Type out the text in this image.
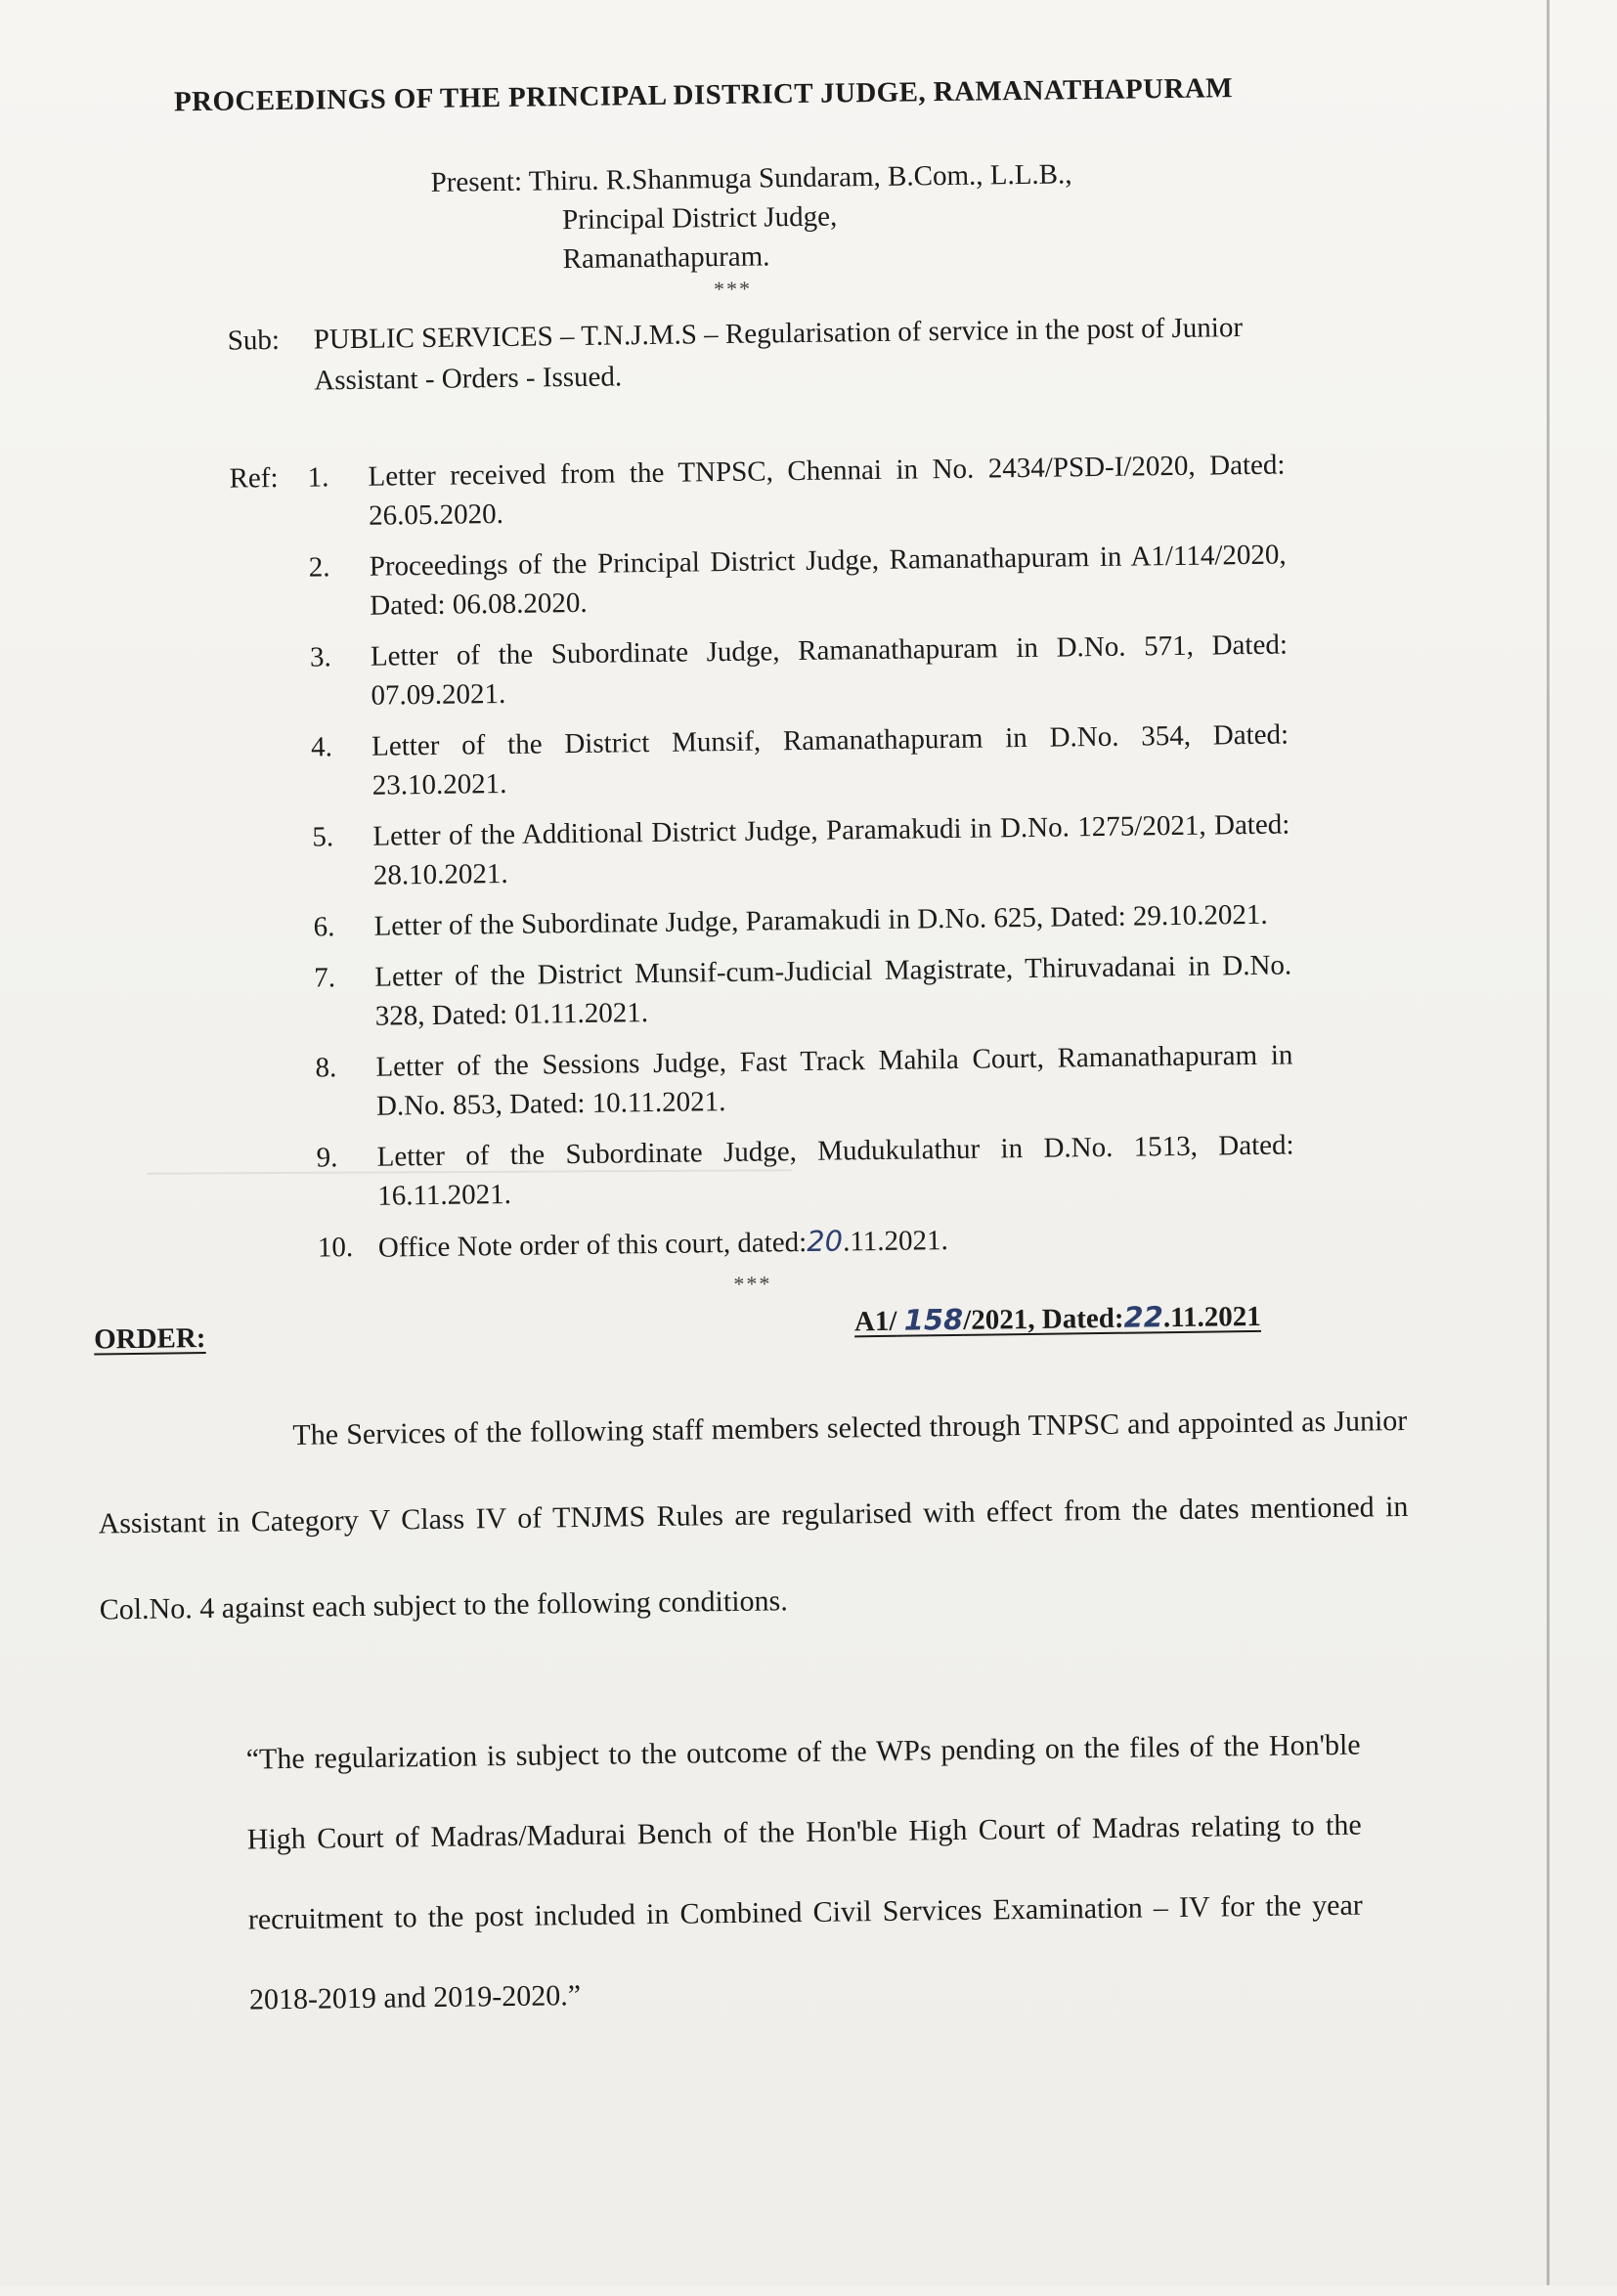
PROCEEDINGS OF THE PRINCIPAL DISTRICT JUDGE, RAMANATHAPURAM
Present: Thiru. R.Shanmuga Sundaram, B.Com., L.L.B.,
Principal District Judge,
Ramanathapuram.
***
Sub: PUBLIC SERVICES – T.N.J.M.S – Regularisation of service in the post of Junior Assistant - Orders - Issued.
Ref: 1.	Letter received from the TNPSC, Chennai in No. 2434/PSD-I/2020, Dated: 26.05.2020.
2.	Proceedings of the Principal District Judge, Ramanathapuram in A1/114/2020, Dated: 06.08.2020.
3.	Letter of the Subordinate Judge, Ramanathapuram in D.No. 571, Dated: 07.09.2021.
4.	Letter of the District Munsif, Ramanathapuram in D.No. 354, Dated: 23.10.2021.
5.	Letter of the Additional District Judge, Paramakudi in D.No. 1275/2021, Dated: 28.10.2021.
6.	Letter of the Subordinate Judge, Paramakudi in D.No. 625, Dated: 29.10.2021.
7.	Letter of the District Munsif-cum-Judicial Magistrate, Thiruvadanai in D.No. 328, Dated: 01.11.2021.
8.	Letter of the Sessions Judge, Fast Track Mahila Court, Ramanathapuram in D.No. 853, Dated: 10.11.2021.
9.	Letter of the Subordinate Judge, Mudukulathur in D.No. 1513, Dated: 16.11.2021.
10. Office Note order of this court, dated:20.11.2021.
***
ORDER:
A1/ 158/2021, Dated:22.11.2021
The Services of the following staff members selected through TNPSC and appointed as Junior Assistant in Category V Class IV of TNJMS Rules are regularised with effect from the dates mentioned in Col.No. 4 against each subject to the following conditions.
“The regularization is subject to the outcome of the WPs pending on the files of the Hon'ble High Court of Madras/Madurai Bench of the Hon'ble High Court of Madras relating to the recruitment to the post included in Combined Civil Services Examination – IV for the year 2018-2019 and 2019-2020.”
